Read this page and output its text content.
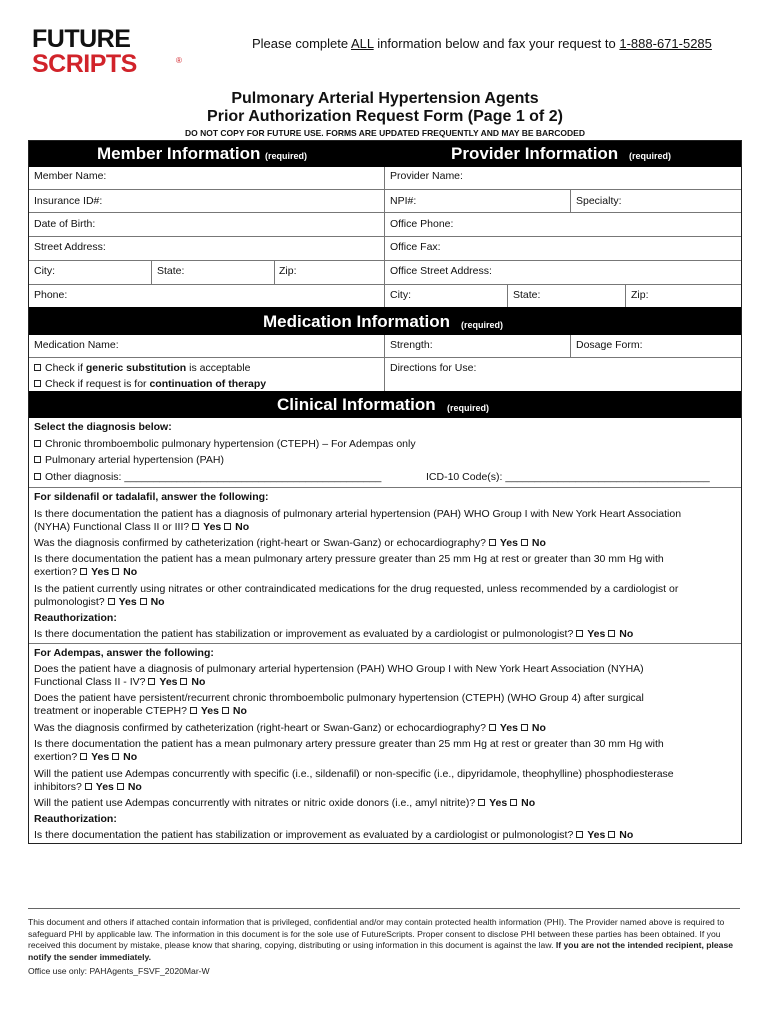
FUTURE
SCRIPTS	®
Please complete ALL information below and fax your request to 1-888-671-5285
Pulmonary Arterial Hypertension Agents
Prior Authorization Request Form (Page 1 of 2)
DO NOT COPY FOR FUTURE USE. FORMS ARE UPDATED FREQUENTLY AND MAY BE BARCODED
Member Information (required)	Provider Information (required)
Member Name:
Insurance ID#:
Date of Birth:
Street Address:
City:	State:	Zip:
Phone:
Provider Name:
NPI#:	Specialty:
Office Phone:
Office Fax:
Office Street Address:
City:	State:	Zip:
Medication Information (required)
Medication Name:	Strength:	Dosage Form:
Check if generic substitution is acceptable
Check if request is for continuation of therapy
Directions for Use:
Clinical Information (required)
Select the diagnosis below:
Chronic thromboembolic pulmonary hypertension (CTEPH) – For Adempas only
Pulmonary arterial hypertension (PAH)
Other diagnosis: ____________________________________________	ICD-10 Code(s): ___________________________________
For sildenafil or tadalafil, answer the following:
Is there documentation the patient has a diagnosis of pulmonary arterial hypertension (PAH) WHO Group I with New York Heart Association
(NYHA) Functional Class II or III? Yes No
Was the diagnosis confirmed by catheterization (right-heart or Swan-Ganz) or echocardiography? Yes No
Is there documentation the patient has a mean pulmonary artery pressure greater than 25 mm Hg at rest or greater than 30 mm Hg with
exertion? Yes No
Is the patient currently using nitrates or other contraindicated medications for the drug requested, unless recommended by a cardiologist or
pulmonologist? Yes No
Reauthorization:
Is there documentation the patient has stabilization or improvement as evaluated by a cardiologist or pulmonologist? Yes No
For Adempas, answer the following:
Does the patient have a diagnosis of pulmonary arterial hypertension (PAH) WHO Group I with New York Heart Association (NYHA)
Functional Class II - IV? Yes No
Does the patient have persistent/recurrent chronic thromboembolic pulmonary hypertension (CTEPH) (WHO Group 4) after surgical
treatment or inoperable CTEPH? Yes No
Was the diagnosis confirmed by catheterization (right-heart or Swan-Ganz) or echocardiography? Yes No
Is there documentation the patient has a mean pulmonary artery pressure greater than 25 mm Hg at rest or greater than 30 mm Hg with
exertion? Yes No
Will the patient use Adempas concurrently with specific (i.e., sildenafil) or non-specific (i.e., dipyridamole, theophylline) phosphodiesterase
inhibitors? Yes No
Will the patient use Adempas concurrently with nitrates or nitric oxide donors (i.e., amyl nitrite)? Yes No
Reauthorization:
Is there documentation the patient has stabilization or improvement as evaluated by a cardiologist or pulmonologist? Yes No
This document and others if attached contain information that is privileged, confidential and/or may contain protected health information (PHI). The Provider named above is required to safeguard PHI by applicable law. The information in this document is for the sole use of FutureScripts. Proper consent to disclose PHI between these parties has been obtained. If you received this document by mistake, please know that sharing, copying, distributing or using information in this document is against the law. If you are not the intended recipient, please notify the sender immediately.
Office use only: PAHAgents_FSVF_2020Mar-W
